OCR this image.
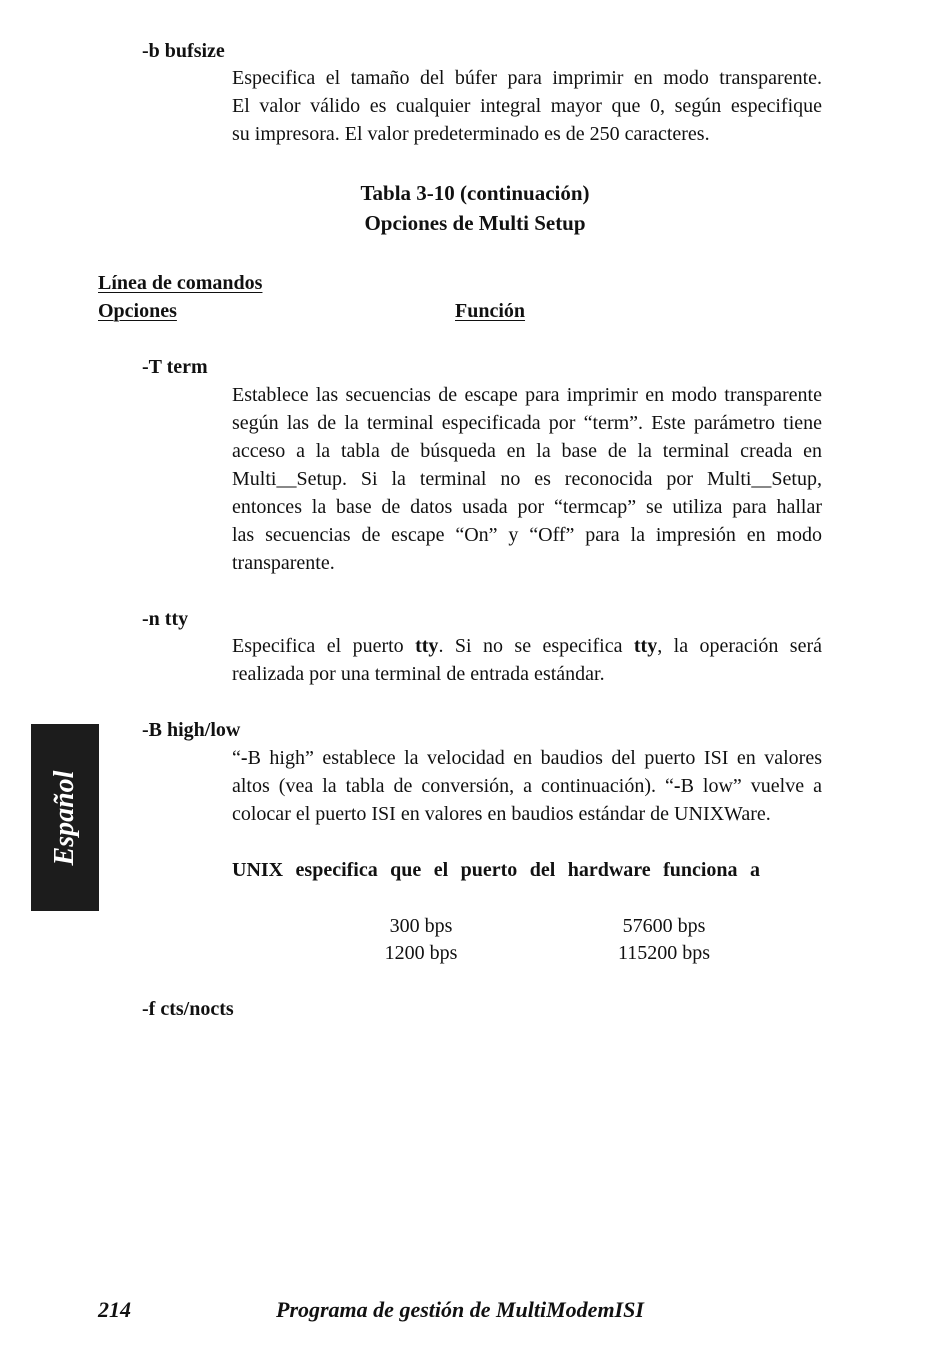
-b bufsize
Especifica el tamaño del búfer para imprimir en modo transparente.
El valor válido es cualquier integral mayor que 0, según especifique
su impresora. El valor predeterminado es de 250 caracteres.
Tabla 3-10 (continuación)
Opciones de Multi Setup
Línea de comandos
Opciones	Función
-T term
Establece las secuencias de escape para imprimir en modo transparente
según las de la terminal especificada por “term”. Este parámetro tiene
acceso a la tabla de búsqueda en la base de la terminal creada en
Multi__Setup. Si la terminal no es reconocida por Multi__Setup,
entonces la base de datos usada por “termcap” se utiliza para hallar
las secuencias de escape “On” y “Off” para la impresión en modo
transparente.
-n tty
Especifica el puerto tty. Si no se especifica tty, la operación será
realizada por una terminal de entrada estándar.
-B high/low
“-B high” establece la velocidad en baudios del puerto ISI en valores
altos (vea la tabla de conversión, a continuación). “-B low” vuelve a
colocar el puerto ISI en valores en baudios estándar de UNIXWare.
UNIX especifica que el puerto del hardware funciona a
300 bps	57600 bps
1200 bps	115200 bps
-f cts/nocts
Español
214	Programa de gestión de MultiModemISI
